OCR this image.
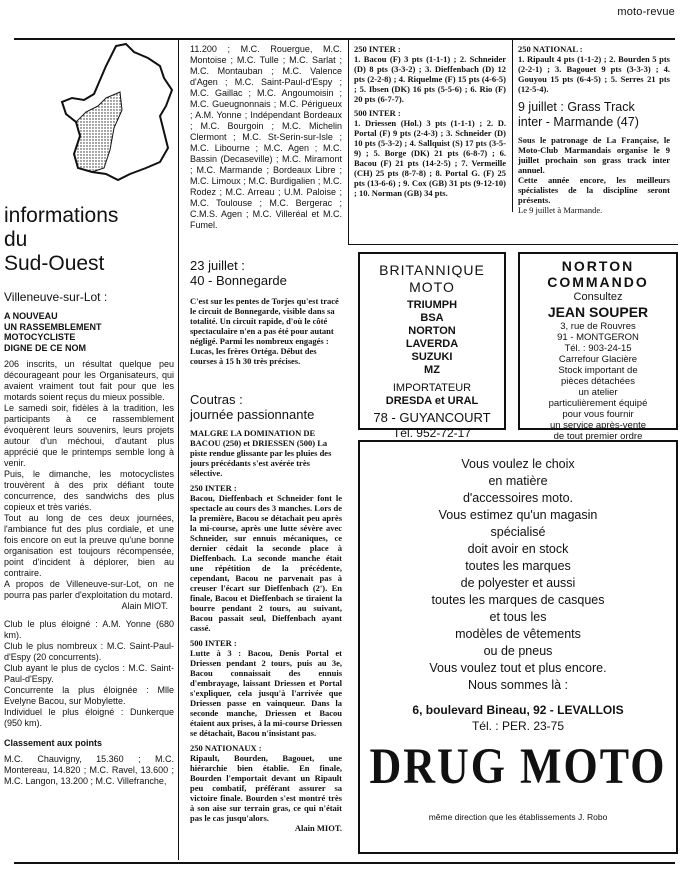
moto-revue
informations
du
Sud-Ouest
Villeneuve-sur-Lot :
A NOUVEAU
UN RASSEMBLEMENT
MOTOCYCLISTE
DIGNE DE CE NOM

206 inscrits, un résultat quelque peu décourageant pour les Organisateurs, qui avaient vraiment tout fait pour que les motards soient reçus du mieux possible.

Le samedi soir, fidèles à la tradition, les participants à ce rassemblement évoquèrent leurs souvenirs, leurs projets autour d'un méchoui, d'autant plus apprécié que le printemps semble long à venir.

Puis, le dimanche, les motocyclistes trouvèrent à des prix défiant toute concurrence, des sandwichs des plus copieux et très variés.

Tout au long de ces deux journées, l'ambiance fut des plus cordiale, et une fois encore on eut la preuve qu'une bonne organisation est toujours récompensée, point d'incident à déplorer, bien au contraire.

A propos de Villeneuve-sur-Lot, on ne pourra pas parler d'exploitation du motard.

Alain MIOT.

Club le plus éloigné : A.M. Yonne (680 km).

Club le plus nombreux : M.C. Saint-Paul-d'Espy (20 concurrents).

Club ayant le plus de cyclos : M.C. Saint-Paul-d'Espy.

Concurrente la plus éloignée : Mlle Evelyne Bacou, sur Mobylette.

Individuel le plus éloigné : Dunkerque (950 km).

Classement aux points

M.C. Chauvigny, 15.360 ; M.C. Montereau, 14.820 ; M.C. Ravel, 13.600 ; M.C. Langon, 13.200 ; M.C. Villefranche,

11.200 ; M.C. Rouergue, M.C. Montoise ; M.C. Tulle ; M.C. Sarlat ; M.C. Montauban ; M.C. Valence d'Agen ; M.C. Saint-Paul-d'Espy ; M.C. Gaillac ; M.C. Angoumoisin ; M.C. Gueugnonnais ; M.C. Périgueux ; A.M. Yonne ; Indépendant Bordeaux ; M.C. Bourgoin ; M.C. Michelin Clermont ; M.C. St-Serin-sur-Isle ; M.C. Libourne ; M.C. Agen ; M.C. Bassin (Decaseville) ; M.C. Miramont ; M.C. Marmande ; Bordeaux Libre ; M.C. Limoux ; M.C. Burdigalien ; M.C. Rodez ; M.C. Arreau ; U.M. Paloise ; M.C. Toulouse ; M.C. Bergerac ; C.M.S. Agen ; M.C. Villeréal et M.C. Fumel.
23 juillet :
40 - Bonnegarde
C'est sur les pentes de Torjes qu'est tracé le circuit de Bonnegarde, visible dans sa totalité. Un circuit rapide, d'où le côté spectaculaire n'en a pas été pour autant négligé. Parmi les nombreux engagés : Lucas, les frères Ortéga. Début des courses à 15 h 30 très précises.
Coutras :
journée passionnante

MALGRE LA DOMINATION DE BACOU (250) et DRIESSEN (500) La piste rendue glissante par les pluies des jours précédants s'est avérée très sélective.

250 INTER :

Bacou, Dieffenbach et Schneider font le spectacle au cours des 3 manches. Lors de la première, Bacou se détachait peu après la mi-course, après une lutte sévère avec Schneider, sur ennuis mécaniques, ce dernier cédait la seconde place à Dieffenbach. La seconde manche était une répétition de la précédente, cependant, Bacou ne parvenait pas à creuser l'écart sur Dieffenbach (2'). En finale, Bacou et Dieffenbach se tiraient la bourre pendant 2 tours, au suivant, Bacou passait seul, Dieffenbach ayant cassé.

500 INTER :

Lutte à 3 : Bacou, Denis Portal et Driessen pendant 2 tours, puis au 3e, Bacou connaissait des ennuis d'embrayage, laissant Driessen et Portal s'expliquer, cela jusqu'à l'arrivée que Driessen passe en vainqueur. Dans la seconde manche, Driessen et Bacou étaient aux prises, à la mi-course Driessen se détachait, Bacou n'insistant pas.

250 NATIONAUX :

Ripault, Bourden, Bagouet, une hiérarchie bien établie. En finale, Bourden l'emportait devant un Ripault peu combatif, préférant assurer sa victoire finale. Bourden s'est montré très à son aise sur terrain gras, ce qui n'était pas le cas jusqu'alors.

Alain MIOT.

250 INTER :

1. Bacou (F) 3 pts (1-1-1) ; 2. Schneider (D) 8 pts (3-3-2) ; 3. Dieffenbach (D) 12 pts (2-2-8) ; 4. Riquelme (F) 15 pts (4-6-5) ; 5. Ibsen (DK) 16 pts (5-5-6) ; 6. Rio (F) 20 pts (6-7-7).

500 INTER :

1. Driessen (Hol.) 3 pts (1-1-1) ; 2. D. Portal (F) 9 pts (2-4-3) ; 3. Schneider (D) 10 pts (5-3-2) ; 4. Sallquist (S) 17 pts (3-5-9) ; 5. Borge (DK) 21 pts (6-8-7) ; 6. Bacou (F) 21 pts (14-2-5) ; 7. Vermeille (CH) 25 pts (8-7-8) ; 8. Portal G. (F) 25 pts (13-6-6) ; 9. Cox (GB) 31 pts (9-12-10) ; 10. Norman (GB) 34 pts.

250 NATIONAL :

1. Ripault 4 pts (1-1-2) ; 2. Bourden 5 pts (2-2-1) ; 3. Bagouet 9 pts (3-3-3) ; 4. Gouyou 15 pts (6-4-5) ; 5. Serres 21 pts (12-5-4).

9 juillet : Grass Track
inter - Marmande (47)

Sous le patronage de La Française, le Moto-Club Marmandais organise le 9 juillet prochain son grass track inter annuel.

Cette année encore, les meilleurs spécialistes de la discipline seront présents.

Le 9 juillet à Marmande.

BRITANNIQUE
MOTO
TRIUMPH
BSA
NORTON
LAVERDA
SUZUKI
MZ
IMPORTATEUR
DRESDA et URAL
78 - GUYANCOURT
Tél. 952-72-17
NORTON
COMMANDO
Consultez
JEAN SOUPER
3, rue de Rouvres
91 - MONTGERON
Tél. : 903-24-15
Carrefour Glacière
Stock important de
pièces détachées
un atelier
particulièrement équipé
pour vous fournir
un service après-vente
de tout premier ordre
Vous voulez le choix
en matière
d'accessoires moto.
Vous estimez qu'un magasin
spécialisé
doit avoir en stock
toutes les marques
de polyester et aussi
toutes les marques de casques
et tous les
modèles de vêtements
ou de pneus
Vous voulez tout et plus encore.
Nous sommes là :
6, boulevard Bineau, 92 - LEVALLOIS
Tél. : PER. 23-75
DRUG MOTO
même direction que les établissements J. Robo
